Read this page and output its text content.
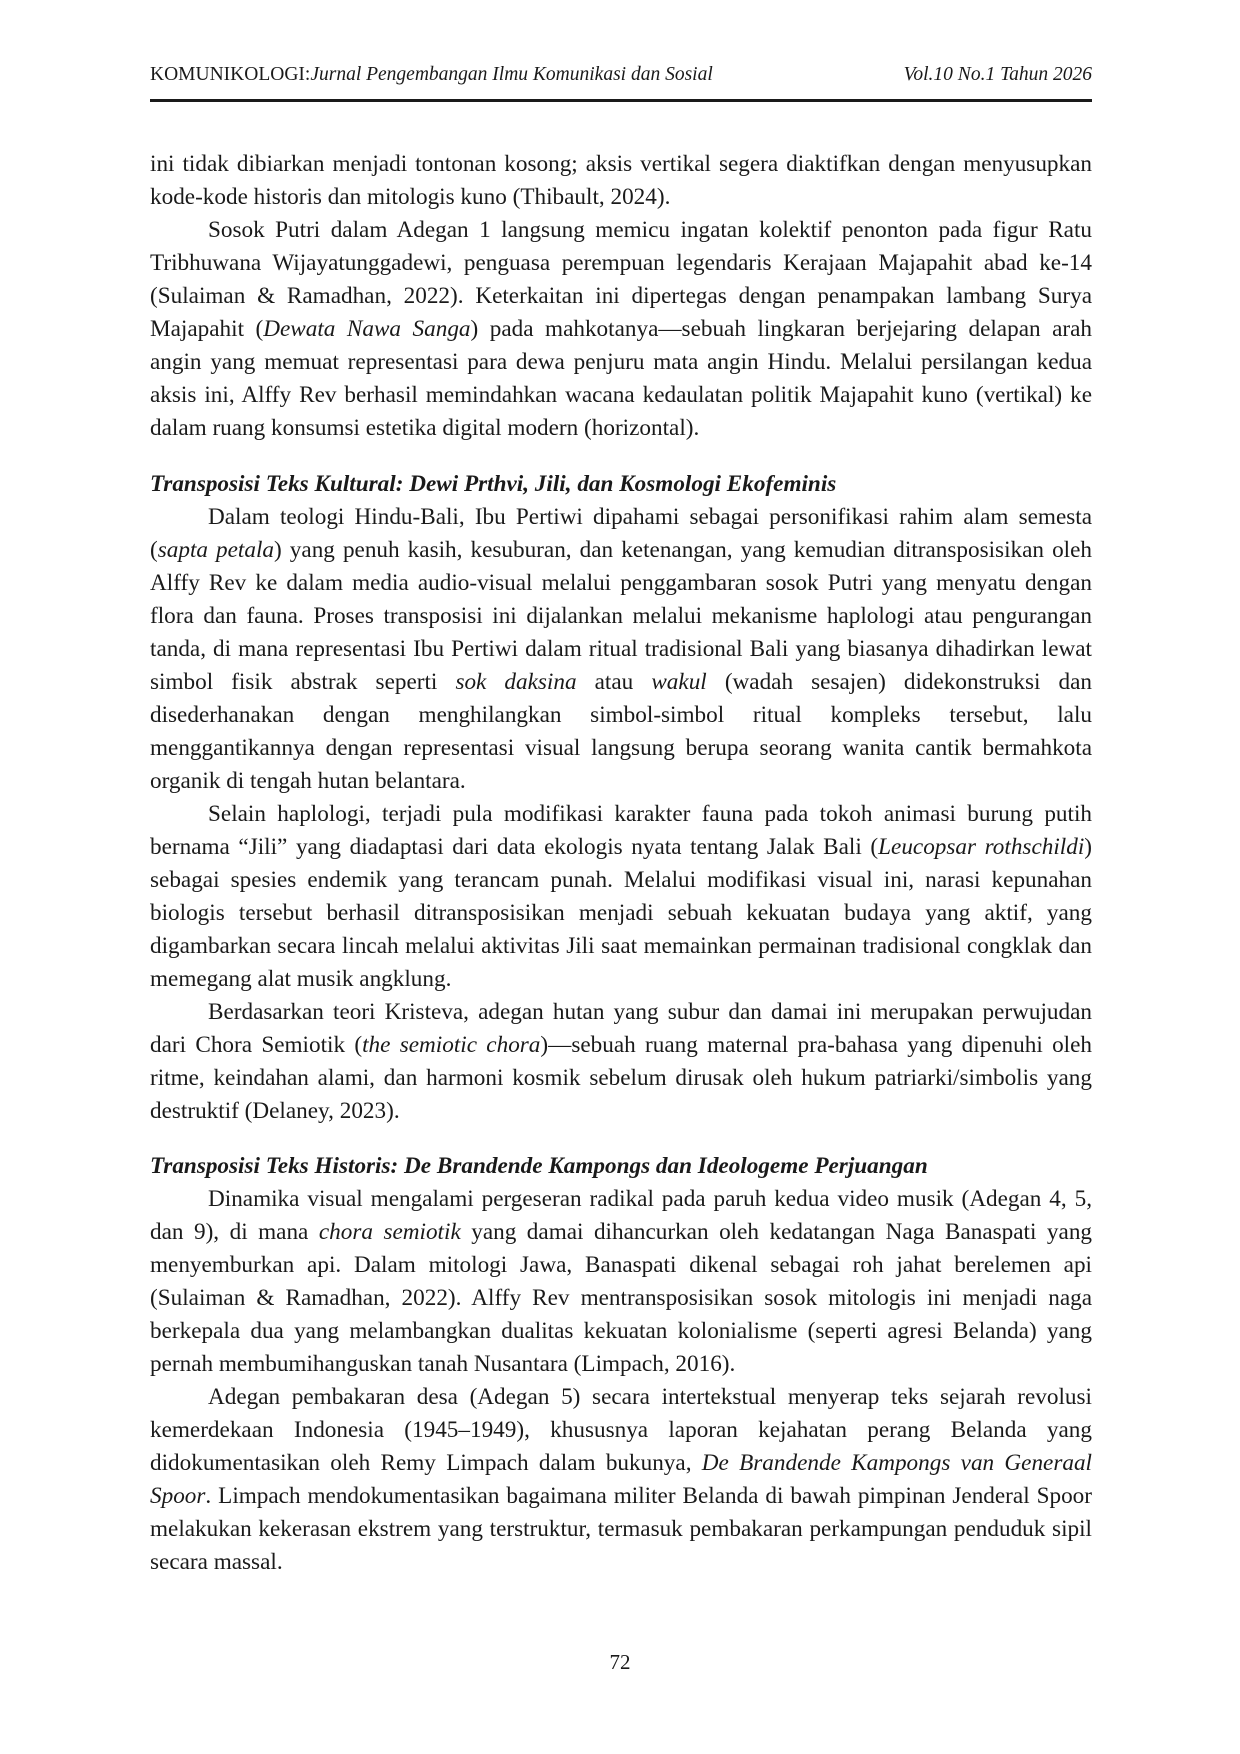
KOMUNIKOLOGI:Jurnal Pengembangan Ilmu Komunikasi dan Sosial	Vol.10 No.1 Tahun 2026

ini tidak dibiarkan menjadi tontonan kosong; aksis vertikal segera diaktifkan dengan menyusupkan kode-kode historis dan mitologis kuno (Thibault, 2024).

Sosok Putri dalam Adegan 1 langsung memicu ingatan kolektif penonton pada figur Ratu Tribhuwana Wijayatunggadewi, penguasa perempuan legendaris Kerajaan Majapahit abad ke-14 (Sulaiman & Ramadhan, 2022). Keterkaitan ini dipertegas dengan penampakan lambang Surya Majapahit (Dewata Nawa Sanga) pada mahkotanya—sebuah lingkaran berjejaring delapan arah angin yang memuat representasi para dewa penjuru mata angin Hindu. Melalui persilangan kedua aksis ini, Alffy Rev berhasil memindahkan wacana kedaulatan politik Majapahit kuno (vertikal) ke dalam ruang konsumsi estetika digital modern (horizontal).

Transposisi Teks Kultural: Dewi Prthvi, Jili, dan Kosmologi Ekofeminis

Dalam teologi Hindu-Bali, Ibu Pertiwi dipahami sebagai personifikasi rahim alam semesta (sapta petala) yang penuh kasih, kesuburan, dan ketenangan, yang kemudian ditransposisikan oleh Alffy Rev ke dalam media audio-visual melalui penggambaran sosok Putri yang menyatu dengan flora dan fauna. Proses transposisi ini dijalankan melalui mekanisme haplologi atau pengurangan tanda, di mana representasi Ibu Pertiwi dalam ritual tradisional Bali yang biasanya dihadirkan lewat simbol fisik abstrak seperti sok daksina atau wakul (wadah sesajen) didekonstruksi dan disederhanakan dengan menghilangkan simbol-simbol ritual kompleks tersebut, lalu menggantikannya dengan representasi visual langsung berupa seorang wanita cantik bermahkota organik di tengah hutan belantara.

Selain haplologi, terjadi pula modifikasi karakter fauna pada tokoh animasi burung putih bernama “Jili” yang diadaptasi dari data ekologis nyata tentang Jalak Bali (Leucopsar rothschildi) sebagai spesies endemik yang terancam punah. Melalui modifikasi visual ini, narasi kepunahan biologis tersebut berhasil ditransposisikan menjadi sebuah kekuatan budaya yang aktif, yang digambarkan secara lincah melalui aktivitas Jili saat memainkan permainan tradisional congklak dan memegang alat musik angklung.

Berdasarkan teori Kristeva, adegan hutan yang subur dan damai ini merupakan perwujudan dari Chora Semiotik (the semiotic chora)—sebuah ruang maternal pra-bahasa yang dipenuhi oleh ritme, keindahan alami, dan harmoni kosmik sebelum dirusak oleh hukum patriarki/simbolis yang destruktif (Delaney, 2023).

Transposisi Teks Historis: De Brandende Kampongs dan Ideologeme Perjuangan

Dinamika visual mengalami pergeseran radikal pada paruh kedua video musik (Adegan 4, 5, dan 9), di mana chora semiotik yang damai dihancurkan oleh kedatangan Naga Banaspati yang menyemburkan api. Dalam mitologi Jawa, Banaspati dikenal sebagai roh jahat berelemen api (Sulaiman & Ramadhan, 2022). Alffy Rev mentransposisikan sosok mitologis ini menjadi naga berkepala dua yang melambangkan dualitas kekuatan kolonialisme (seperti agresi Belanda) yang pernah membumihanguskan tanah Nusantara (Limpach, 2016).

Adegan pembakaran desa (Adegan 5) secara intertekstual menyerap teks sejarah revolusi kemerdekaan Indonesia (1945–1949), khususnya laporan kejahatan perang Belanda yang didokumentasikan oleh Remy Limpach dalam bukunya, De Brandende Kampongs van Generaal Spoor. Limpach mendokumentasikan bagaimana militer Belanda di bawah pimpinan Jenderal Spoor melakukan kekerasan ekstrem yang terstruktur, termasuk pembakaran perkampungan penduduk sipil secara massal.

72
